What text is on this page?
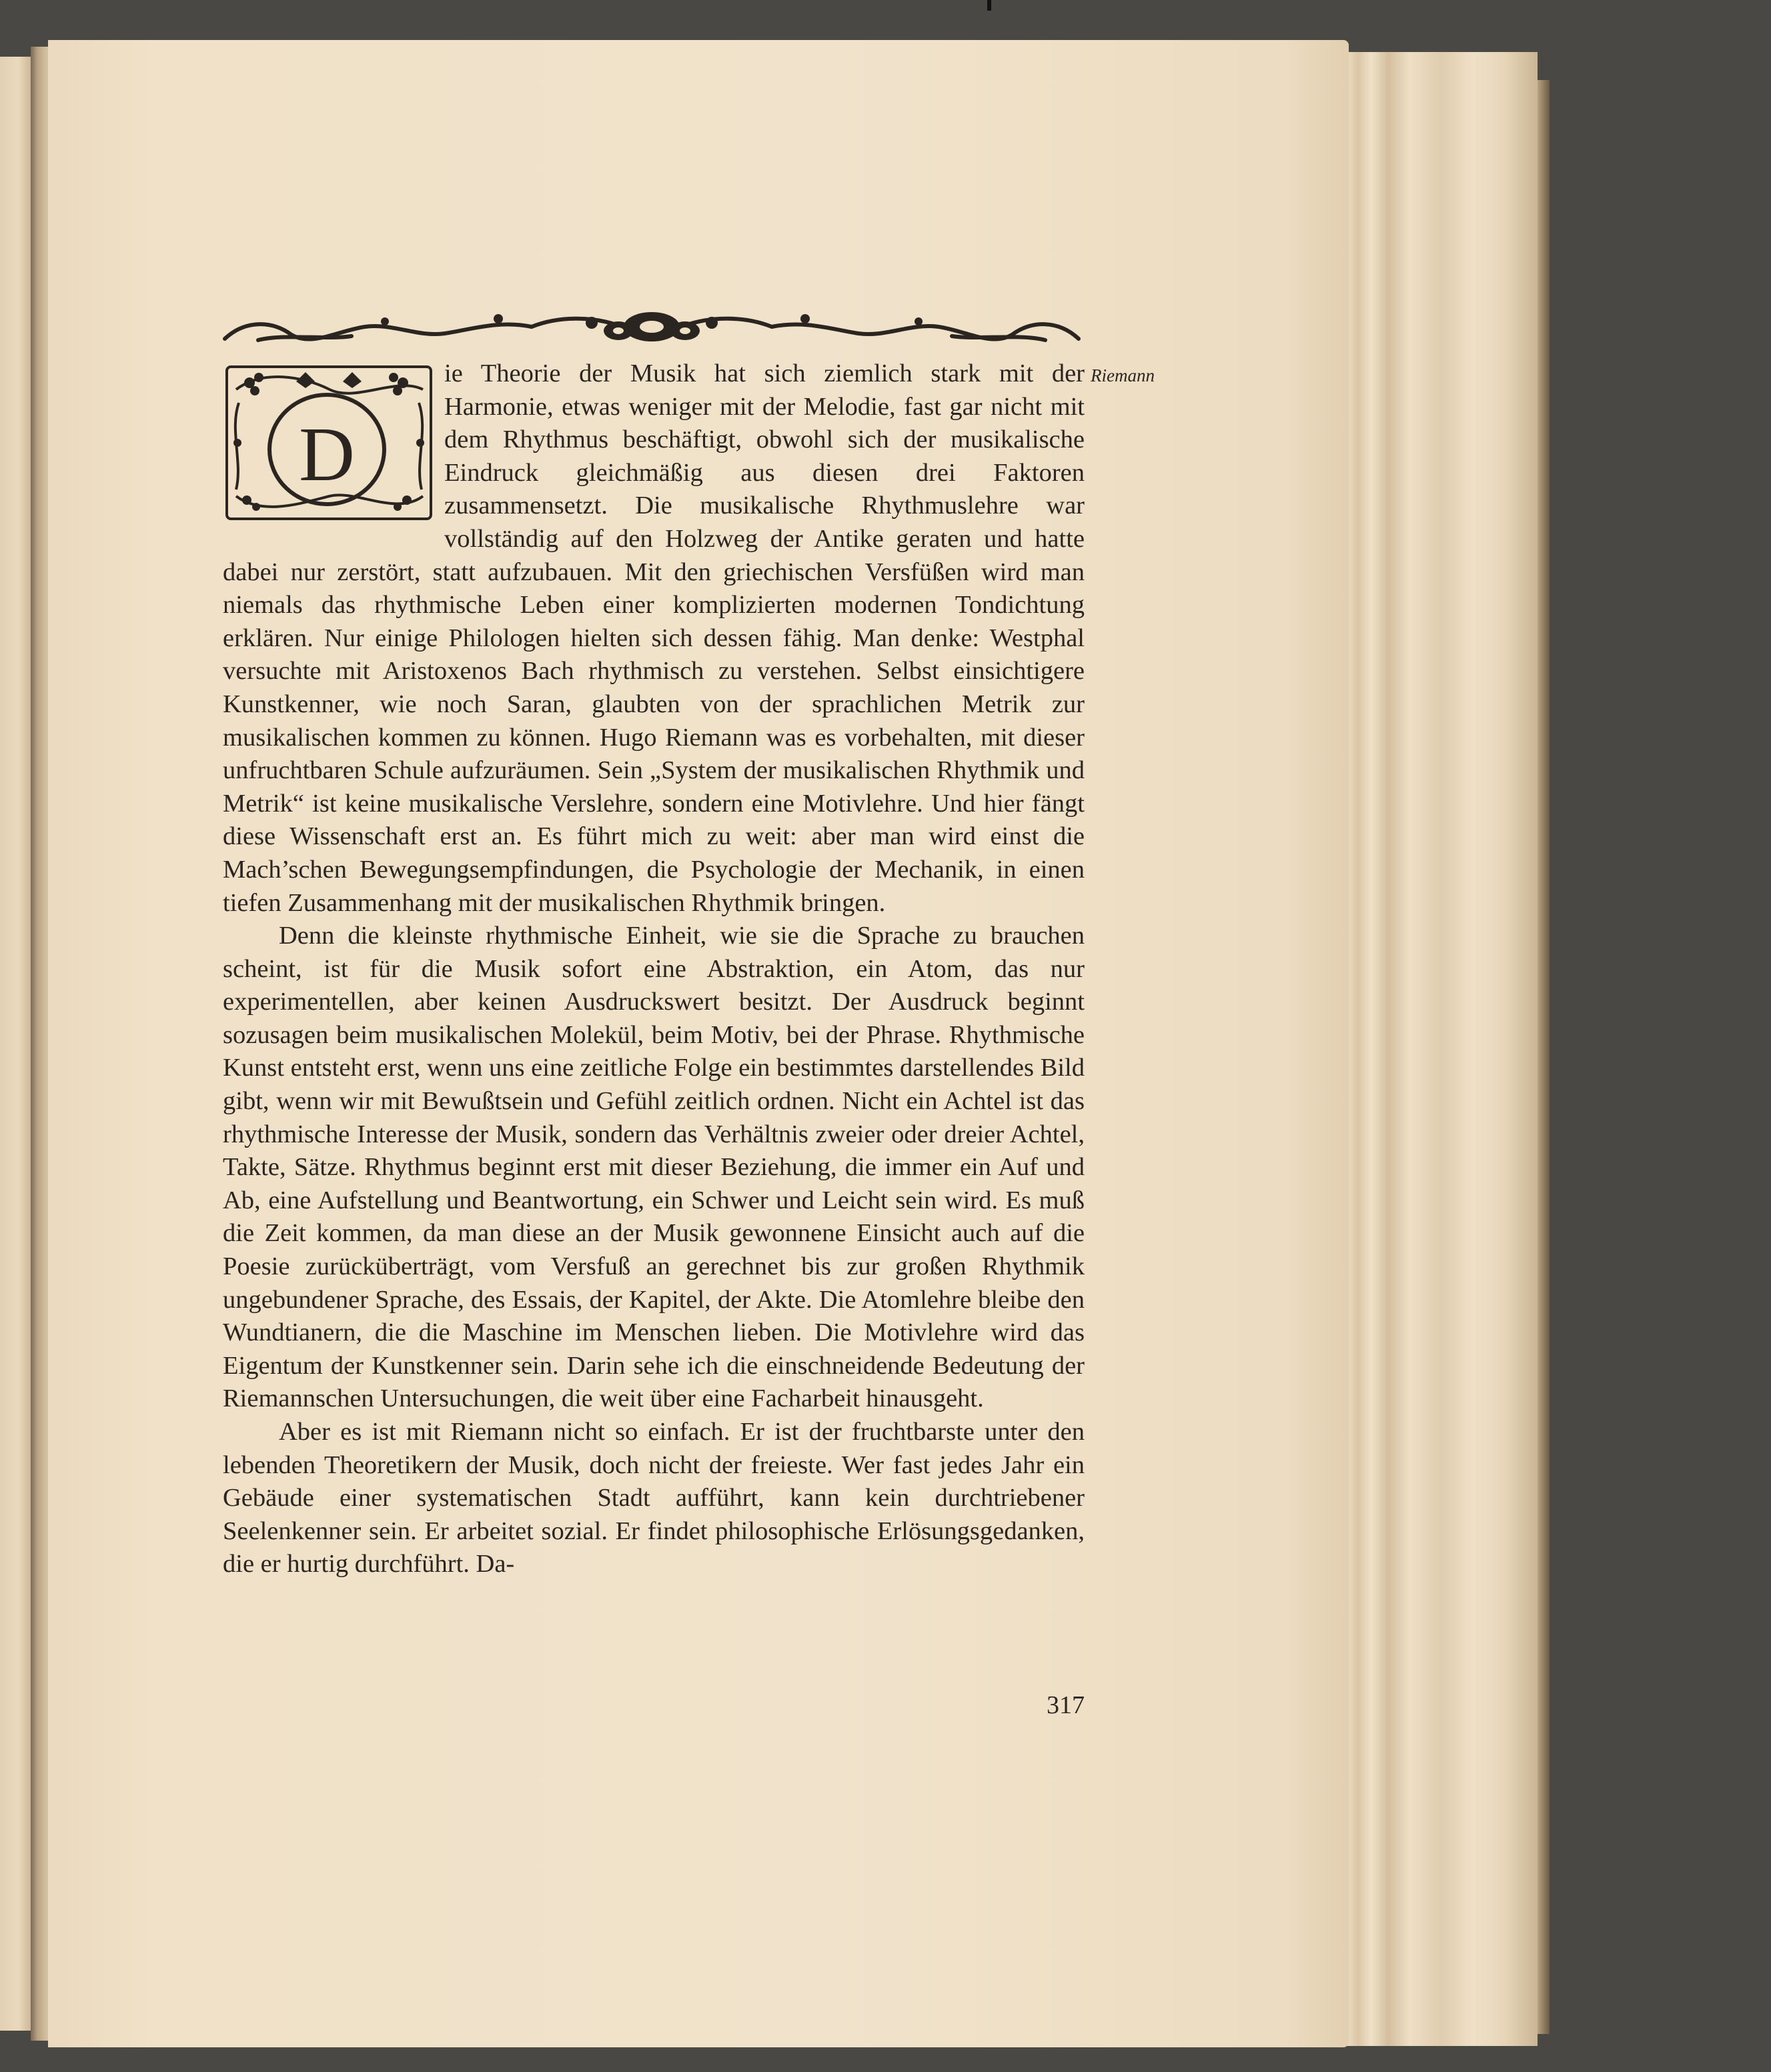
Riemann

D
ie Theorie der Musik hat sich ziemlich stark mit der Harmonie, etwas weniger mit der Melodie, fast gar nicht mit dem Rhythmus beschäftigt, obwohl sich der musikalische Eindruck gleichmäßig aus diesen drei Faktoren zusammensetzt. Die musikalische Rhythmuslehre war vollständig auf den Holzweg der Antike geraten und hatte dabei nur zerstört, statt aufzubauen. Mit den griechischen Versfüßen wird man niemals das rhythmische Leben einer komplizierten modernen Tondichtung erklären. Nur einige Philologen hielten sich dessen fähig. Man denke: Westphal versuchte mit Aristoxenos Bach rhythmisch zu verstehen. Selbst einsichtigere Kunstkenner, wie noch Saran, glaubten von der sprachlichen Metrik zur musikalischen kommen zu können. Hugo Riemann was es vorbehalten, mit dieser unfruchtbaren Schule aufzuräumen. Sein „System der musikalischen Rhythmik und Metrik“ ist keine musikalische Verslehre, sondern eine Motivlehre. Und hier fängt diese Wissenschaft erst an. Es führt mich zu weit: aber man wird einst die Mach’schen Bewegungsempfindungen, die Psychologie der Mechanik, in einen tiefen Zusammenhang mit der musikalischen Rhythmik bringen.

Denn die kleinste rhythmische Einheit, wie sie die Sprache zu brauchen scheint, ist für die Musik sofort eine Abstraktion, ein Atom, das nur experimentellen, aber keinen Ausdruckswert besitzt. Der Ausdruck beginnt sozusagen beim musikalischen Molekül, beim Motiv, bei der Phrase. Rhythmische Kunst entsteht erst, wenn uns eine zeitliche Folge ein bestimmtes darstellendes Bild gibt, wenn wir mit Bewußtsein und Gefühl zeitlich ordnen. Nicht ein Achtel ist das rhythmische Interesse der Musik, sondern das Verhältnis zweier oder dreier Achtel, Takte, Sätze. Rhythmus beginnt erst mit dieser Beziehung, die immer ein Auf und Ab, eine Aufstellung und Beantwortung, ein Schwer und Leicht sein wird. Es muß die Zeit kommen, da man diese an der Musik gewonnene Einsicht auch auf die Poesie zurücküberträgt, vom Versfuß an gerechnet bis zur großen Rhythmik ungebundener Sprache, des Essais, der Kapitel, der Akte. Die Atomlehre bleibe den Wundtianern, die die Maschine im Menschen lieben. Die Motivlehre wird das Eigentum der Kunstkenner sein. Darin sehe ich die einschneidende Bedeutung der Riemannschen Untersuchungen, die weit über eine Facharbeit hinausgeht.

Aber es ist mit Riemann nicht so einfach. Er ist der fruchtbarste unter den lebenden Theoretikern der Musik, doch nicht der freieste. Wer fast jedes Jahr ein Gebäude einer systematischen Stadt aufführt, kann kein durchtriebener Seelenkenner sein. Er arbeitet sozial. Er findet philosophische Erlösungsgedanken, die er hurtig durchführt. Da-

317
